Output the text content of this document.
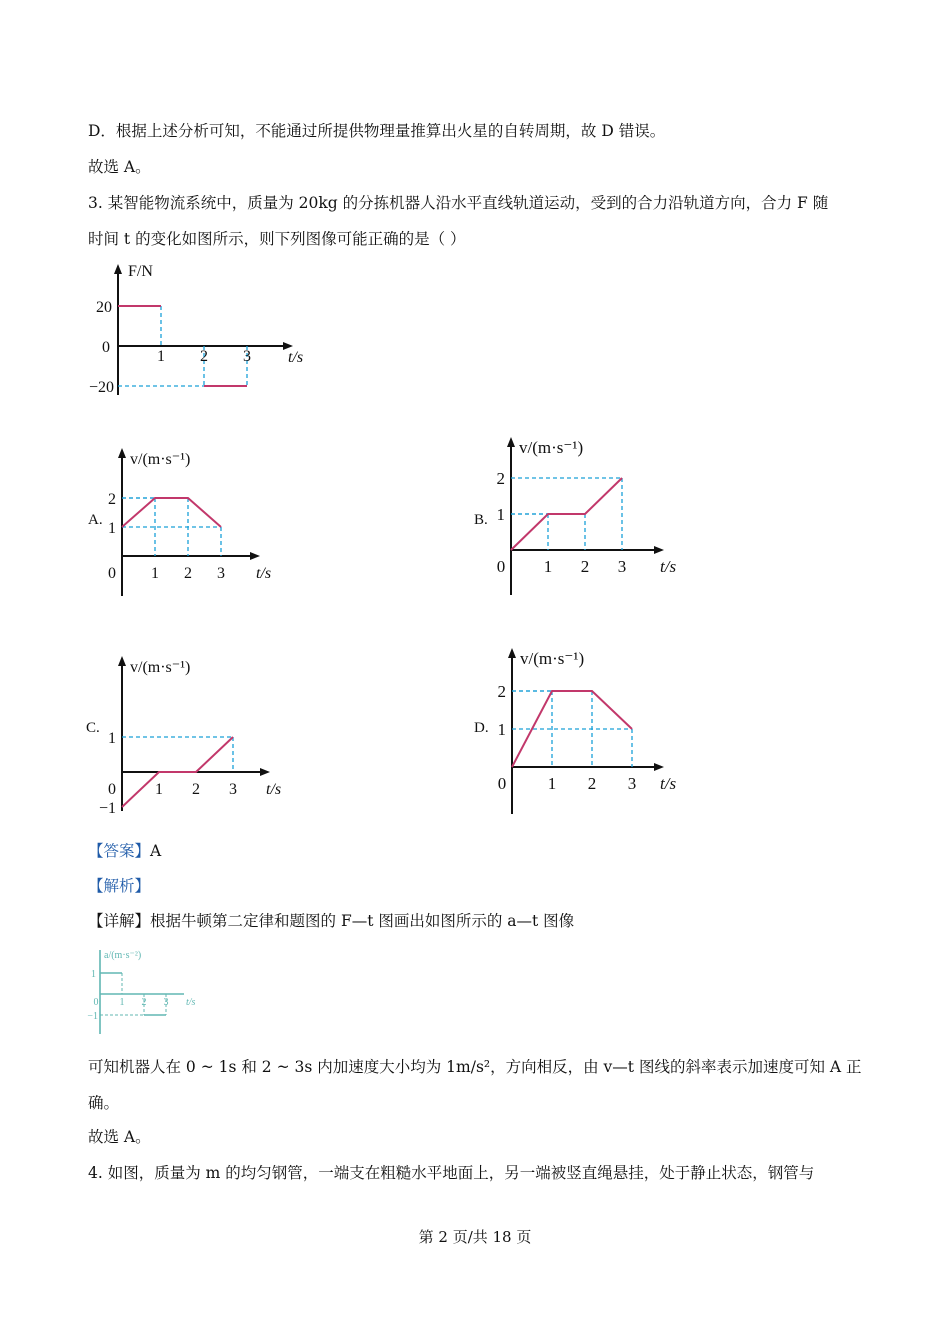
D．根据上述分析可知，不能通过所提供物理量推算出火星的自转周期，故 D 错误。
故选 A。
3. 某智能物流系统中，质量为 20kg 的分拣机器人沿水平直线轨道运动，受到的合力沿轨道方向，合力 F 随
时间 t 的变化如图所示，则下列图像可能正确的是（ ）
1 2 3
20
0
−20
t/s
F/N
A.	B.
C.	D.
0 1 2 3
1
2
t/s
v/(m·s⁻¹)
0 1 2 3
1
2
t/s
v/(m·s⁻¹)
0 1 2 3
1
−1
t/s
v/(m·s⁻¹)
0 1 2 3
1
2
t/s
v/(m·s⁻¹)
【答案】A
【解析】
【详解】根据牛顿第二定律和题图的 F—t 图画出如图所示的 a—t 图像
a/(m·s⁻²)
1
−1
0 1 2 3 t/s
可知机器人在 0 ~ 1s 和 2 ~ 3s 内加速度大小均为 1m/s²，方向相反，由 v—t 图线的斜率表示加速度可知 A 正
确。
故选 A。
4. 如图，质量为 m 的均匀钢管，一端支在粗糙水平地面上，另一端被竖直绳悬挂，处于静止状态，钢管与
第 2 页/共 18 页
